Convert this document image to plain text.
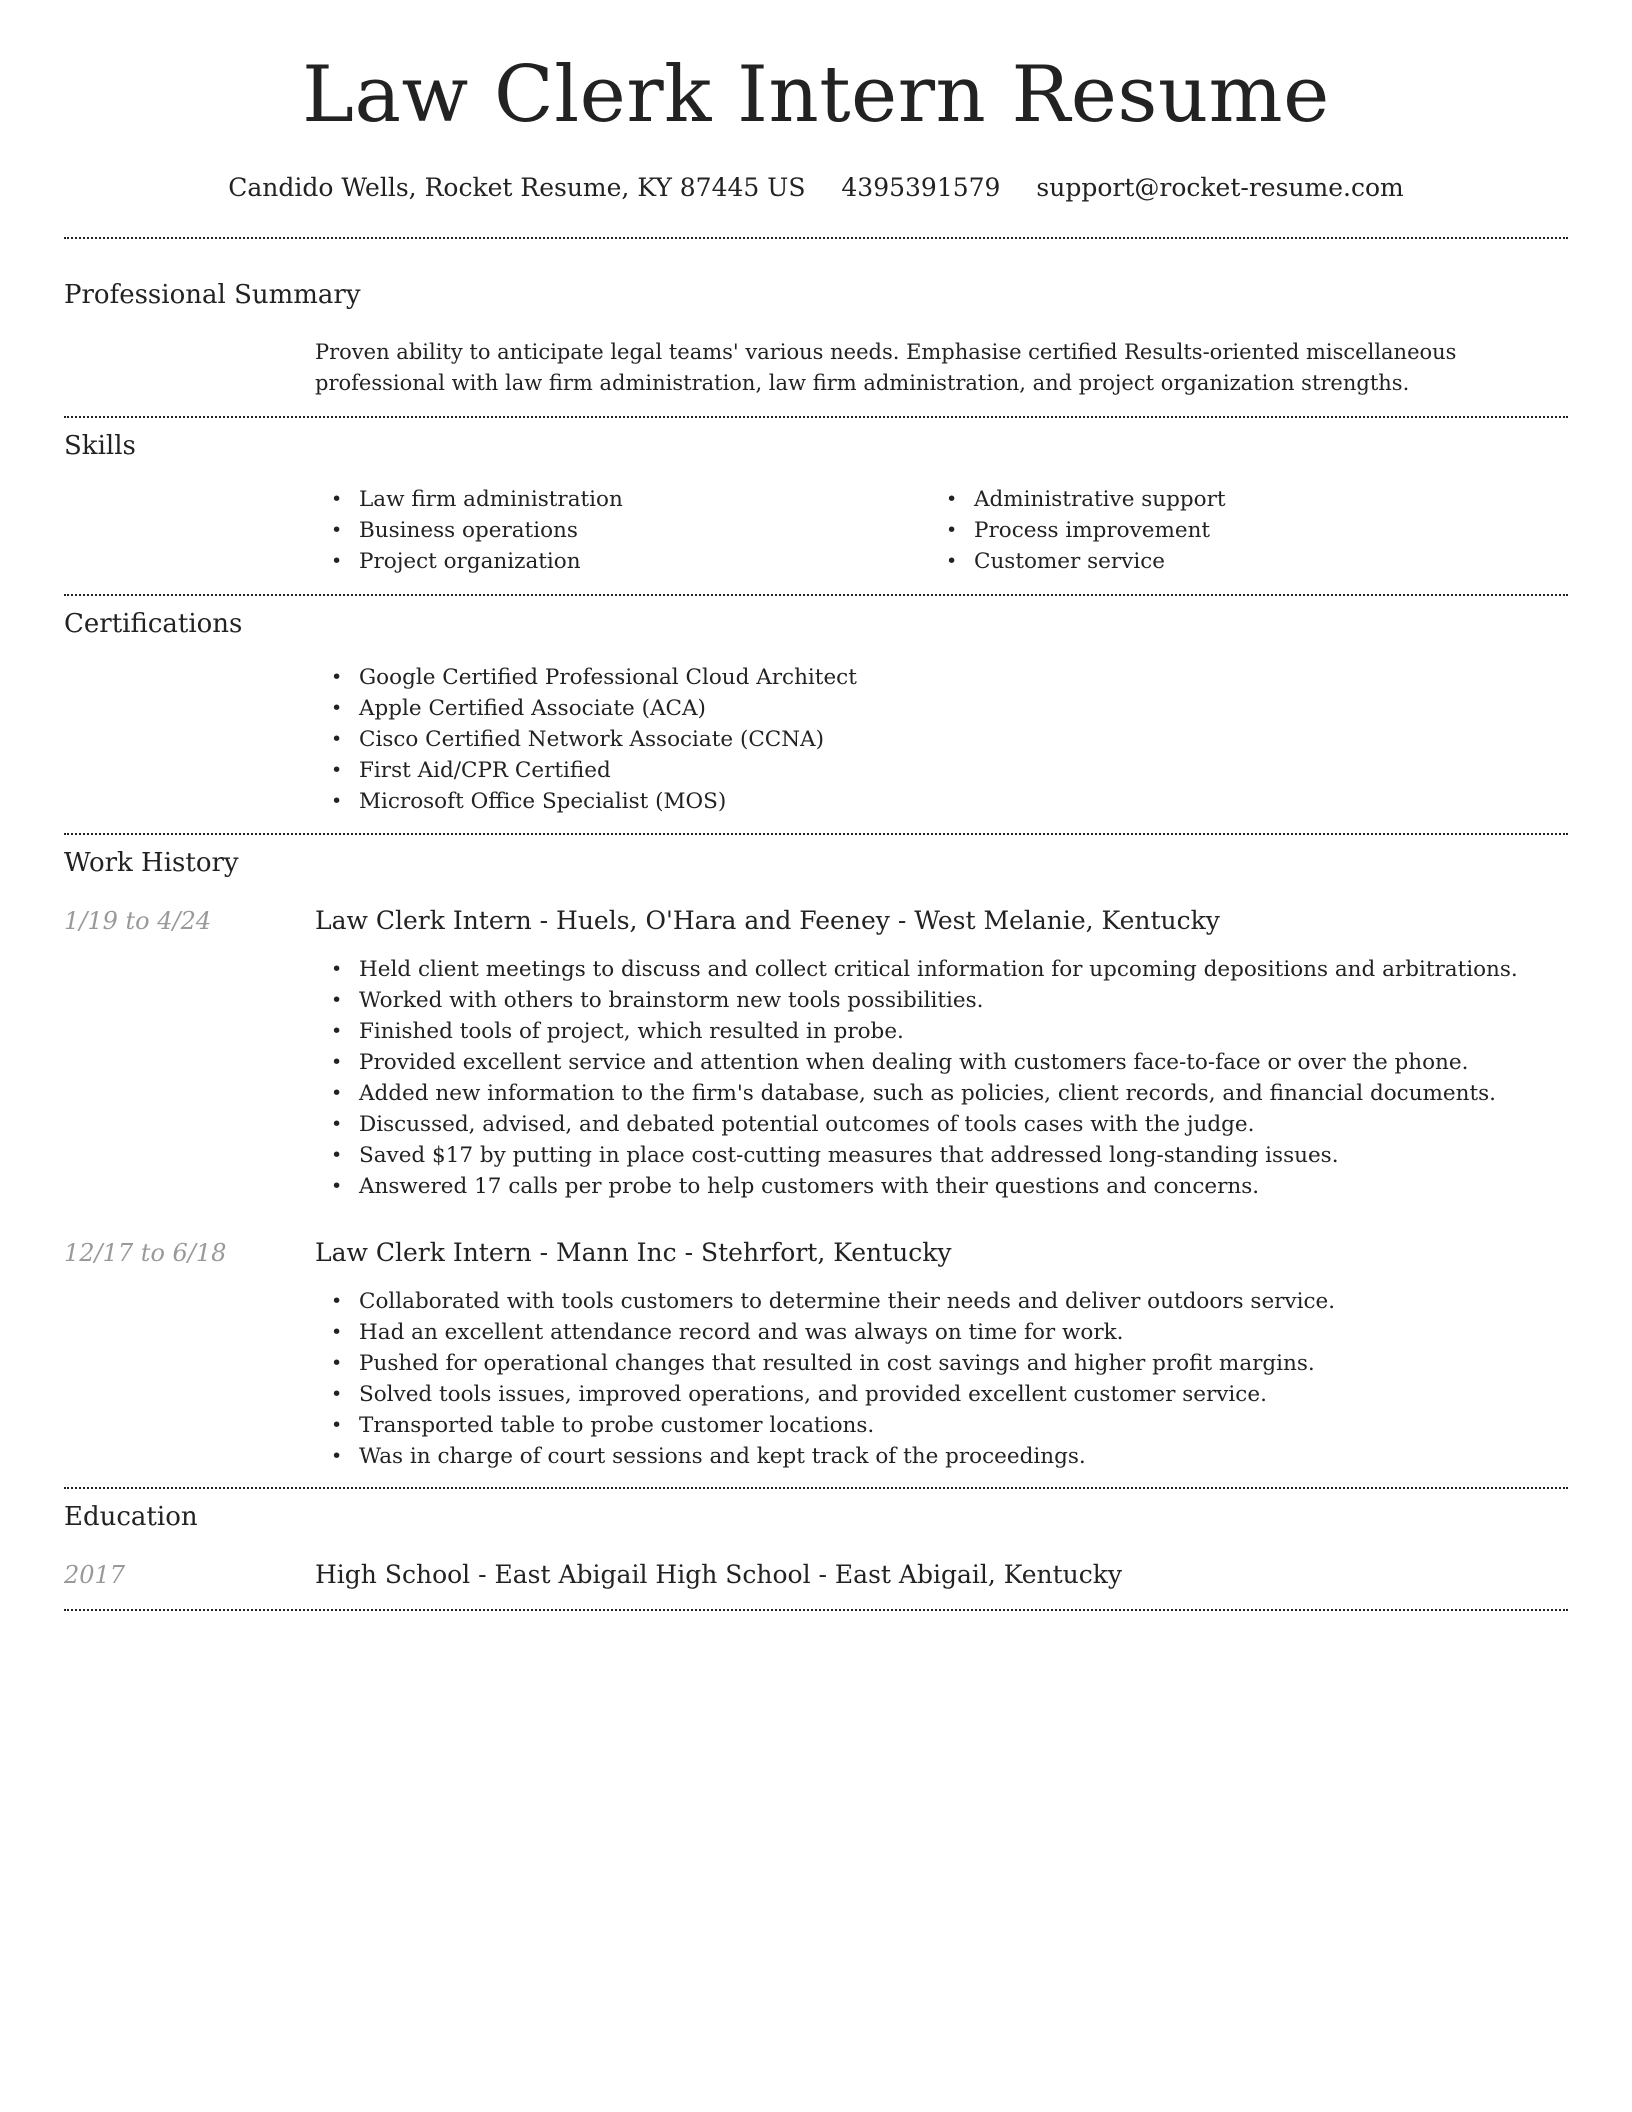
Law Clerk Intern Resume
Candido Wells, Rocket Resume, KY 87445 US 4395391579 support@rocket-resume.com
Professional Summary

Proven ability to anticipate legal teams' various needs. Emphasise certified Results-oriented miscellaneous professional with law firm administration, law firm administration, and project organization strengths.

Skills
• Law firm administration
• Business operations
• Project organization
• Administrative support
• Process improvement
• Customer service
Certifications
• Google Certified Professional Cloud Architect
• Apple Certified Associate (ACA)
• Cisco Certified Network Associate (CCNA)
• First Aid/CPR Certified
• Microsoft Office Specialist (MOS)
Work History
1/19 to 4/24	Law Clerk Intern - Huels, O'Hara and Feeney - West Melanie, Kentucky
• Held client meetings to discuss and collect critical information for upcoming depositions and arbitrations.
• Worked with others to brainstorm new tools possibilities.
• Finished tools of project, which resulted in probe.
• Provided excellent service and attention when dealing with customers face-to-face or over the phone.
• Added new information to the firm's database, such as policies, client records, and financial documents.
• Discussed, advised, and debated potential outcomes of tools cases with the judge.
• Saved $17 by putting in place cost-cutting measures that addressed long-standing issues.
• Answered 17 calls per probe to help customers with their questions and concerns.
12/17 to 6/18	Law Clerk Intern - Mann Inc - Stehrfort, Kentucky
• Collaborated with tools customers to determine their needs and deliver outdoors service.
• Had an excellent attendance record and was always on time for work.
• Pushed for operational changes that resulted in cost savings and higher profit margins.
• Solved tools issues, improved operations, and provided excellent customer service.
• Transported table to probe customer locations.
• Was in charge of court sessions and kept track of the proceedings.
Education
2017	High School - East Abigail High School - East Abigail, Kentucky
